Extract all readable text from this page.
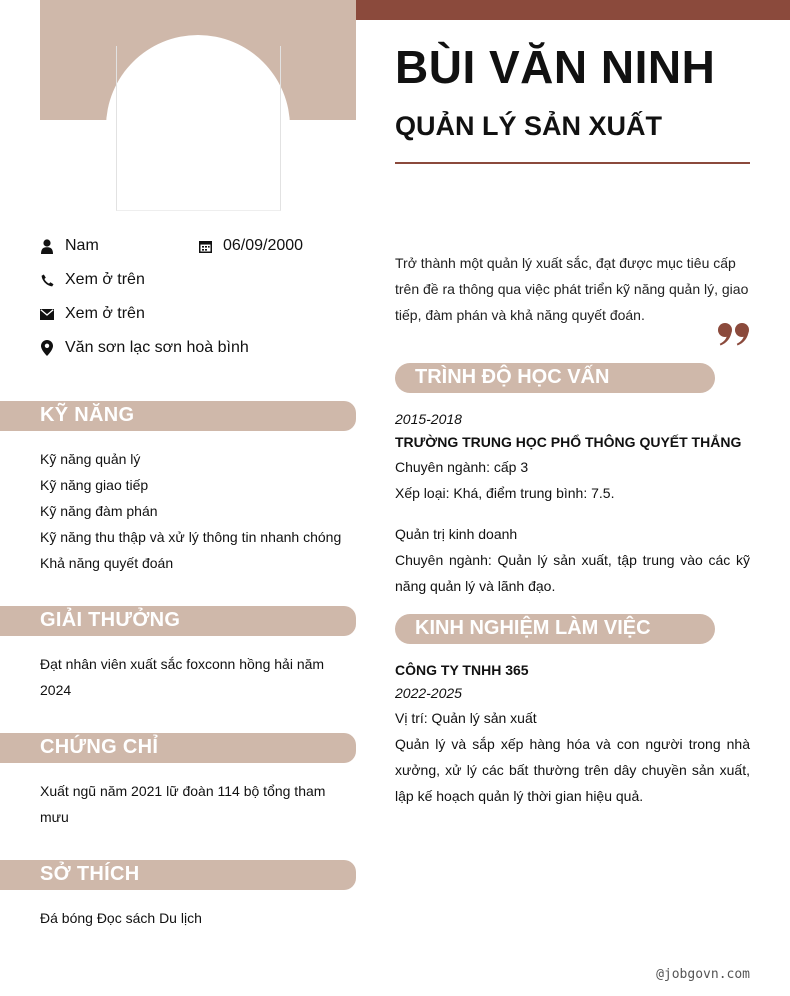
BÙI VĂN NINH
QUẢN LÝ SẢN XUẤT
Nam	06/09/2000
Xem ở trên
Xem ở trên
Văn sơn lạc sơn hoà bình
KỸ NĂNG
Kỹ năng quản lý
Kỹ năng giao tiếp
Kỹ năng đàm phán
Kỹ năng thu thập và xử lý thông tin nhanh chóng
Khả năng quyết đoán
GIẢI THƯỞNG
Đạt nhân viên xuất sắc foxconn hồng hải năm 2024
CHỨNG CHỈ
Xuất ngũ năm 2021 lữ đoàn 114 bộ tổng tham mưu
SỞ THÍCH
Đá bóng Đọc sách Du lịch
Trở thành một quản lý xuất sắc, đạt được mục tiêu cấp trên đề ra thông qua việc phát triển kỹ năng quản lý, giao tiếp, đàm phán và khả năng quyết đoán.
TRÌNH ĐỘ HỌC VẤN
2015-2018
TRƯỜNG TRUNG HỌC PHỔ THÔNG QUYẾT THẮNG
Chuyên ngành: cấp 3
Xếp loại: Khá, điểm trung bình: 7.5.
Quản trị kinh doanh
Chuyên ngành: Quản lý sản xuất, tập trung vào các kỹ năng quản lý và lãnh đạo.
KINH NGHIỆM LÀM VIỆC
CÔNG TY TNHH 365
2022-2025
Vị trí: Quản lý sản xuất
Quản lý và sắp xếp hàng hóa và con người trong nhà xưởng, xử lý các bất thường trên dây chuyền sản xuất, lập kế hoạch quản lý thời gian hiệu quả.
@jobgovn.com
